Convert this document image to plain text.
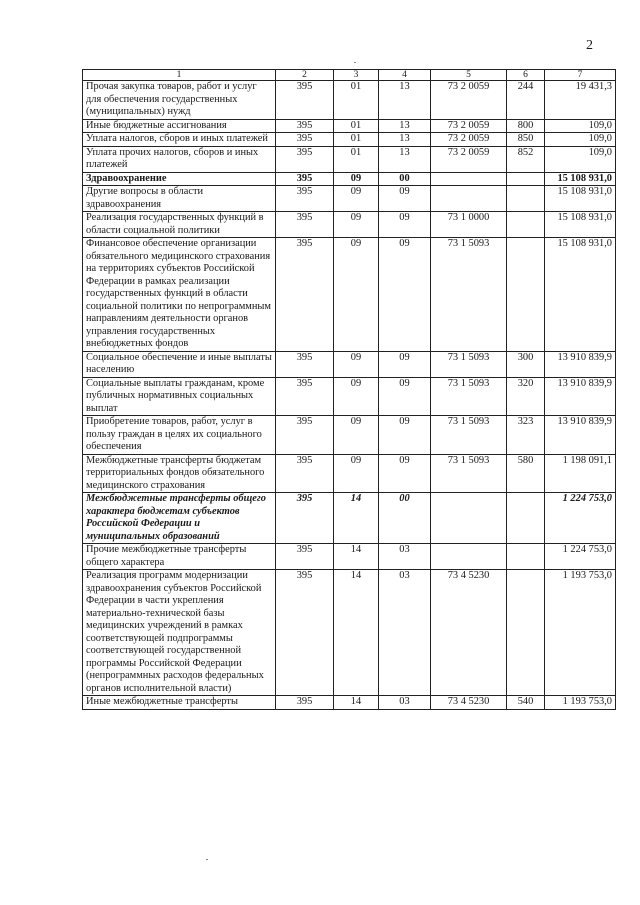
2
1	2	3	4	5	6	7
Прочая закупка товаров, работ и услуг для обеспечения государственных (муниципальных) нужд	395	01	13	73 2 0059	244	19 431,3
Иные бюджетные ассигнования	395	01	13	73 2 0059	800	109,0
Уплата налогов, сборов и иных платежей	395	01	13	73 2 0059	850	109,0
Уплата прочих налогов, сборов и иных платежей	395	01	13	73 2 0059	852	109,0
Здравоохранение	395	09	00			15 108 931,0
Другие вопросы в области здравоохранения	395	09	09			15 108 931,0
Реализация государственных функций в области социальной политики	395	09	09	73 1 0000		15 108 931,0
Финансовое обеспечение организации обязательного медицинского страхования на территориях субъектов Российской Федерации в рамках реализации государственных функций в области социальной политики по непрограммным направлениям деятельности органов управления государственных внебюджетных фондов	395	09	09	73 1 5093		15 108 931,0
Социальное обеспечение и иные выплаты населению	395	09	09	73 1 5093	300	13 910 839,9
Социальные выплаты гражданам, кроме публичных нормативных социальных выплат	395	09	09	73 1 5093	320	13 910 839,9
Приобретение товаров, работ, услуг в пользу граждан в целях их социального обеспечения	395	09	09	73 1 5093	323	13 910 839,9
Межбюджетные трансферты бюджетам территориальных фондов обязательного медицинского страхования	395	09	09	73 1 5093	580	1 198 091,1
Межбюджетные трансферты общего характера бюджетам субъектов Российской Федерации и муниципальных образований	395	14	00			1 224 753,0
Прочие межбюджетные трансферты общего характера	395	14	03			1 224 753,0
Реализация программ модернизации здравоохранения субъектов Российской Федерации в части укрепления материально-технической базы медицинских учреждений в рамках соответствующей подпрограммы соответствующей государственной программы Российской Федерации (непрограммных расходов федеральных органов исполнительной власти)	395	14	03	73 4 5230		1 193 753,0
Иные межбюджетные трансферты	395	14	03	73 4 5230	540	1 193 753,0
